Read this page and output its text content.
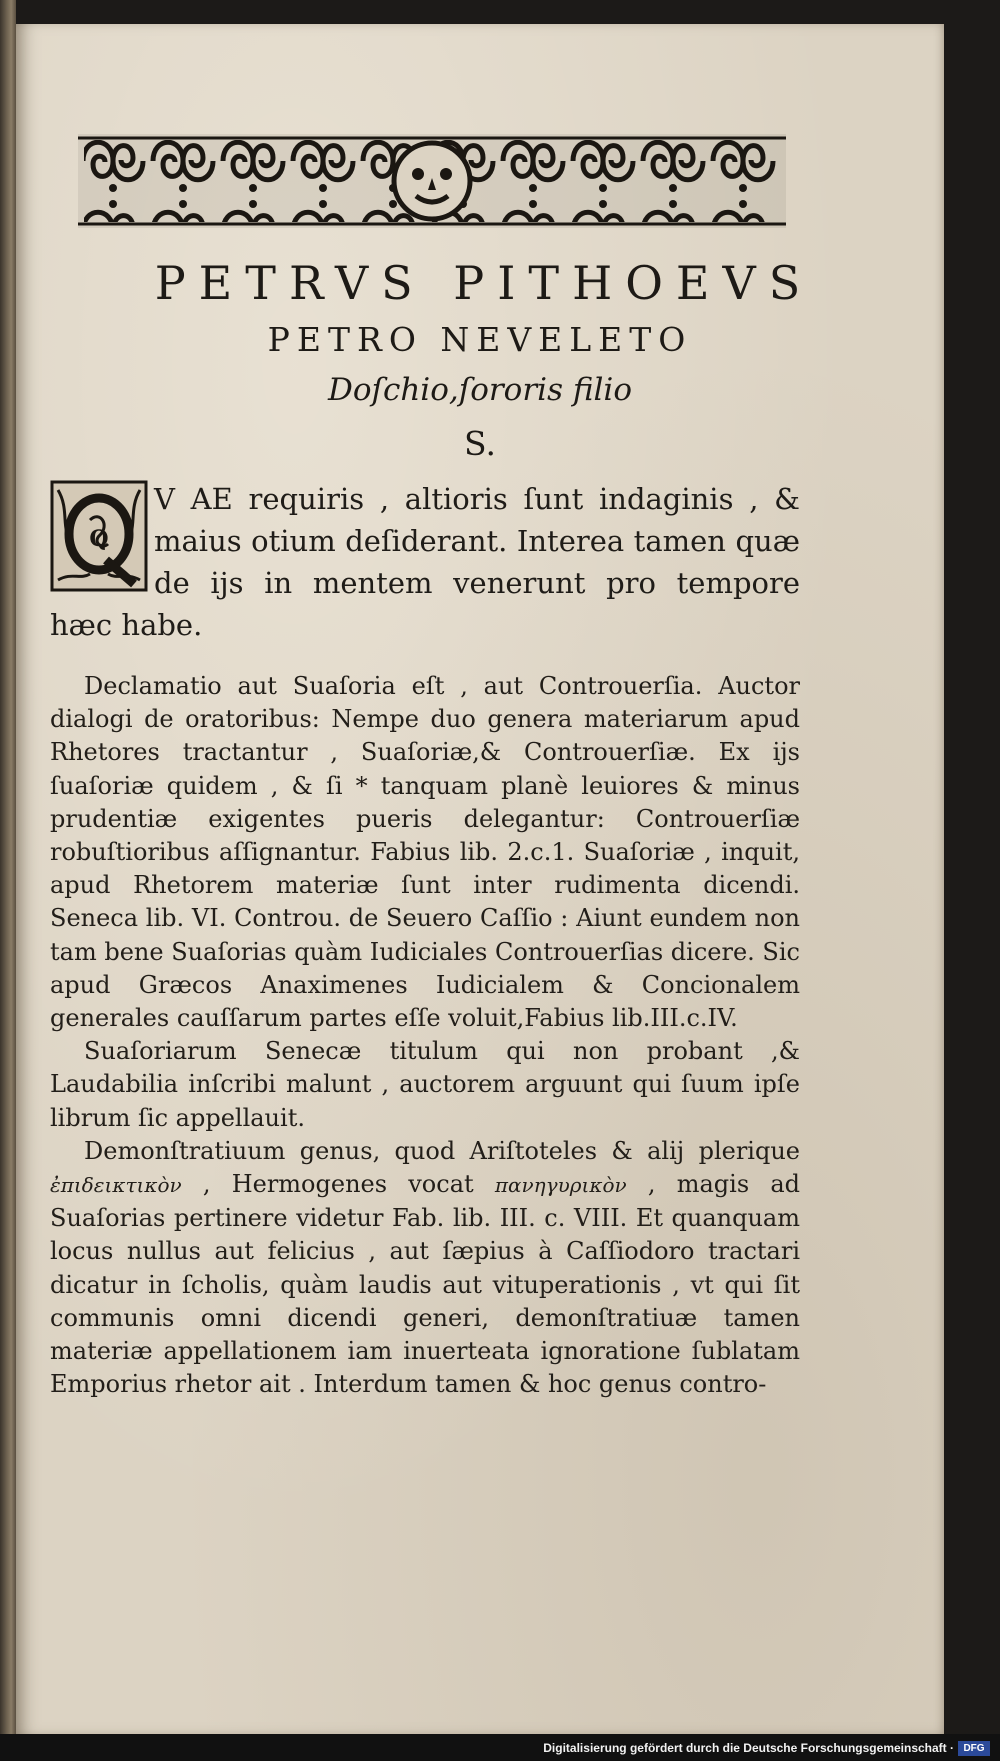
PETRVS PITHOEVS

PETRO NEVELETO

Doſchio,ſororis filio

S.

Q

V AE requiris , altioris ſunt indaginis , & maius otium deſiderant. Interea tamen quæ de ijs in mentem venerunt pro tempore hæc habe.

Declamatio aut Suaſoria eſt , aut Controuerſia. Auctor dialogi de oratoribus: Nempe duo genera materiarum apud Rhetores tractantur , Suaſoriæ,& Controuerſiæ. Ex ijs ſuaſoriæ quidem , & ſi * tanquam planè leuiores & minus prudentiæ exigentes pueris delegantur: Controuerſiæ robuſtioribus aſſignantur. Fabius lib. 2.c.1. Suaſoriæ , inquit, apud Rhetorem materiæ ſunt inter rudimenta dicendi. Seneca lib. VI. Controu. de Seuero Caſſio : Aiunt eundem non tam bene Suaſorias quàm Iudiciales Controuerſias dicere. Sic apud Græcos Anaximenes Iudicialem & Concionalem generales cauſſarum partes eſſe voluit,Fabius lib.III.c.IV.

Suaſoriarum Senecæ titulum qui non probant ,& Laudabilia inſcribi malunt , auctorem arguunt qui ſuum ipſe librum ſic appellauit.

Demonſtratiuum genus, quod Ariſtoteles & alij plerique ἐπιδεικτικὸν , Hermogenes vocat πανηγυρικὸν , magis ad Suaſorias pertinere videtur Fab. lib. III. c. VIII. Et quanquam locus nullus aut felicius , aut ſæpius à Caſſiodoro tractari dicatur in ſcholis, quàm laudis aut vituperationis , vt qui ſit communis omni dicendi generi, demonſtratiuæ tamen materiæ appellationem iam inuerteata ignoratione ſublatam Emporius rhetor ait . Interdum tamen & hoc genus contro-

Digitalisierung gefördert durch die Deutsche Forschungsgemeinschaft · DFG
